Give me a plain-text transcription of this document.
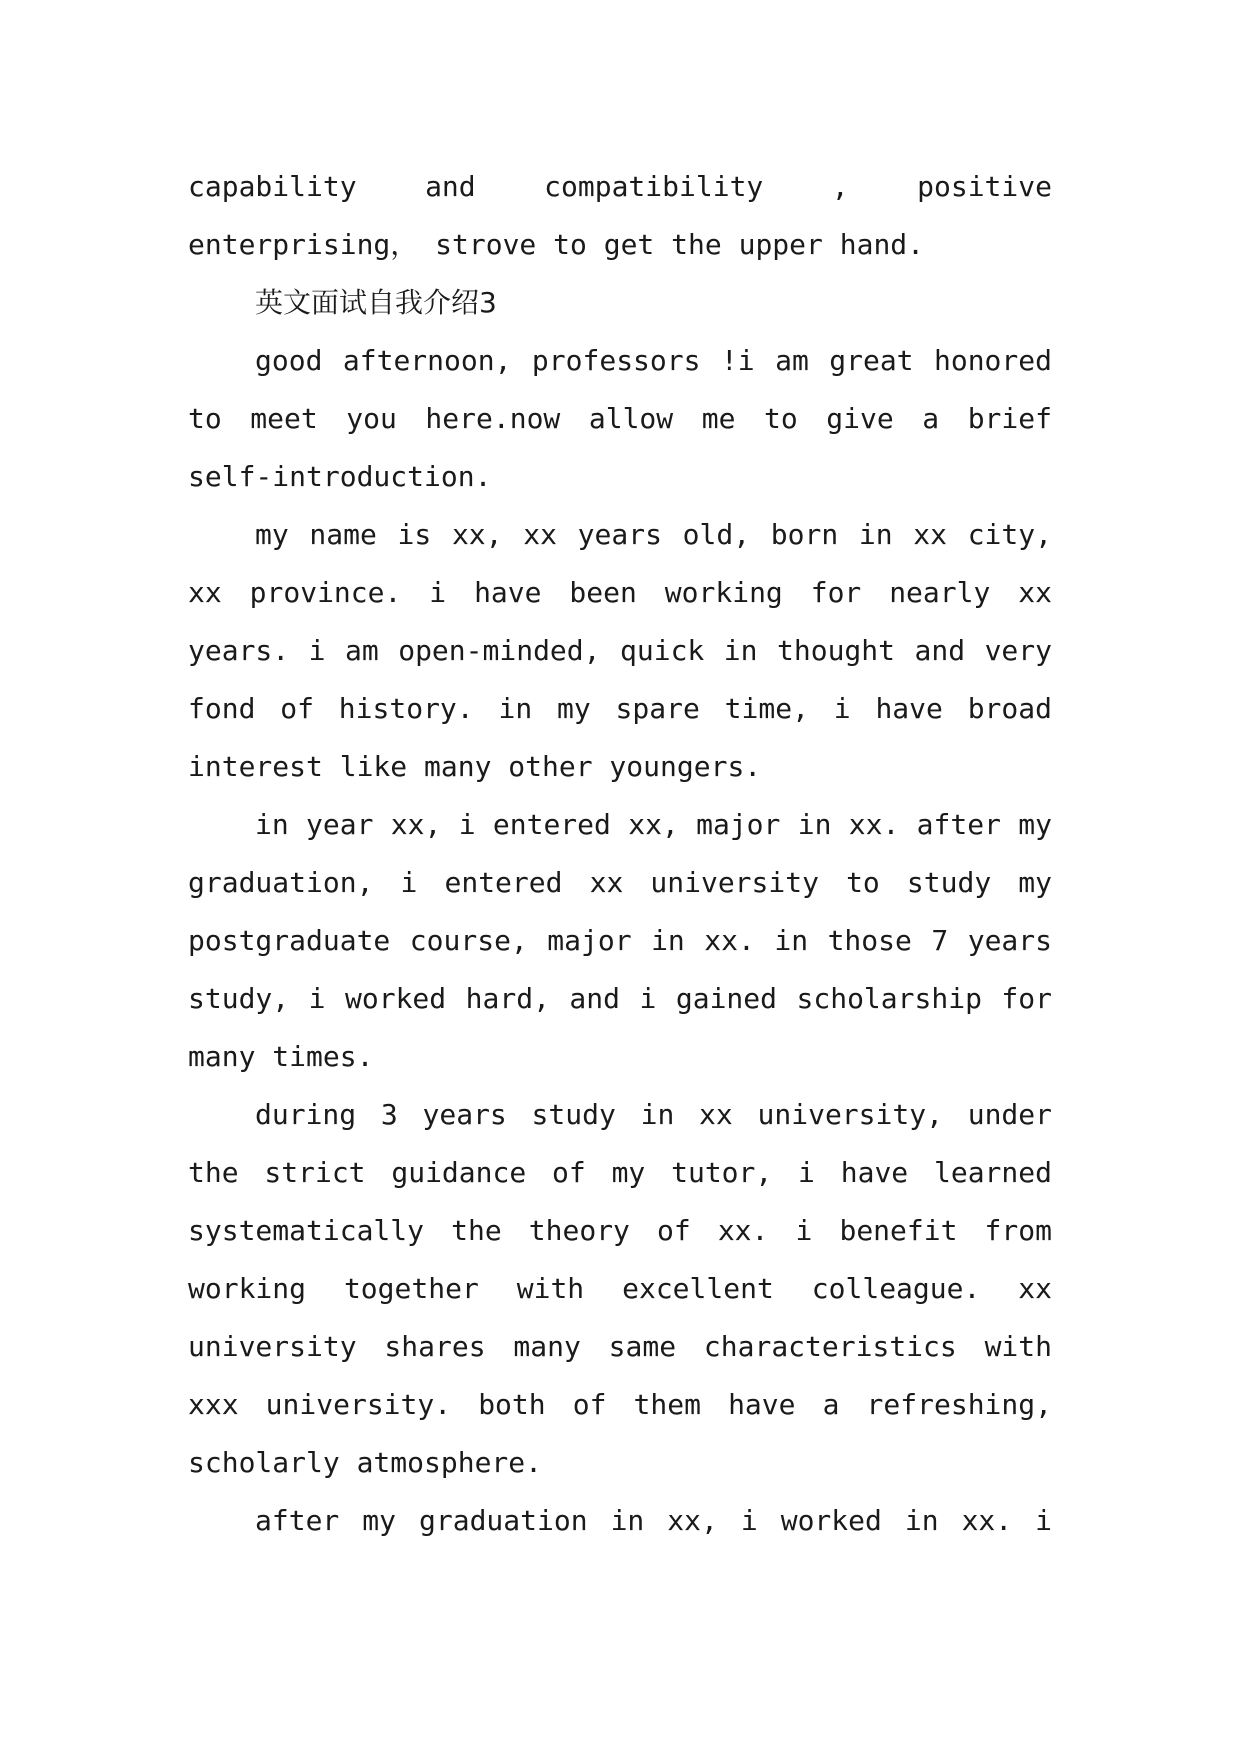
capability and compatibility , positive
enterprising， strove to get the upper hand.
英文面试自我介绍3
good afternoon, professors !i am great honored
to meet you here.now allow me to give a brief
self-introduction.
my name is xx, xx years old, born in xx city,
xx province. i have been working for nearly xx
years. i am open-minded, quick in thought and very
fond of history. in my spare time, i have broad
interest like many other youngers.
in year xx, i entered xx, major in xx. after my
graduation, i entered xx university to study my
postgraduate course, major in xx. in those 7 years
study, i worked hard, and i gained scholarship for
many times.
during 3 years study in xx university, under
the strict guidance of my tutor, i have learned
systematically the theory of xx. i benefit from
working together with excellent colleague. xx
university shares many same characteristics with
xxx university. both of them have a refreshing,
scholarly atmosphere.
after my graduation in xx, i worked in xx. i
